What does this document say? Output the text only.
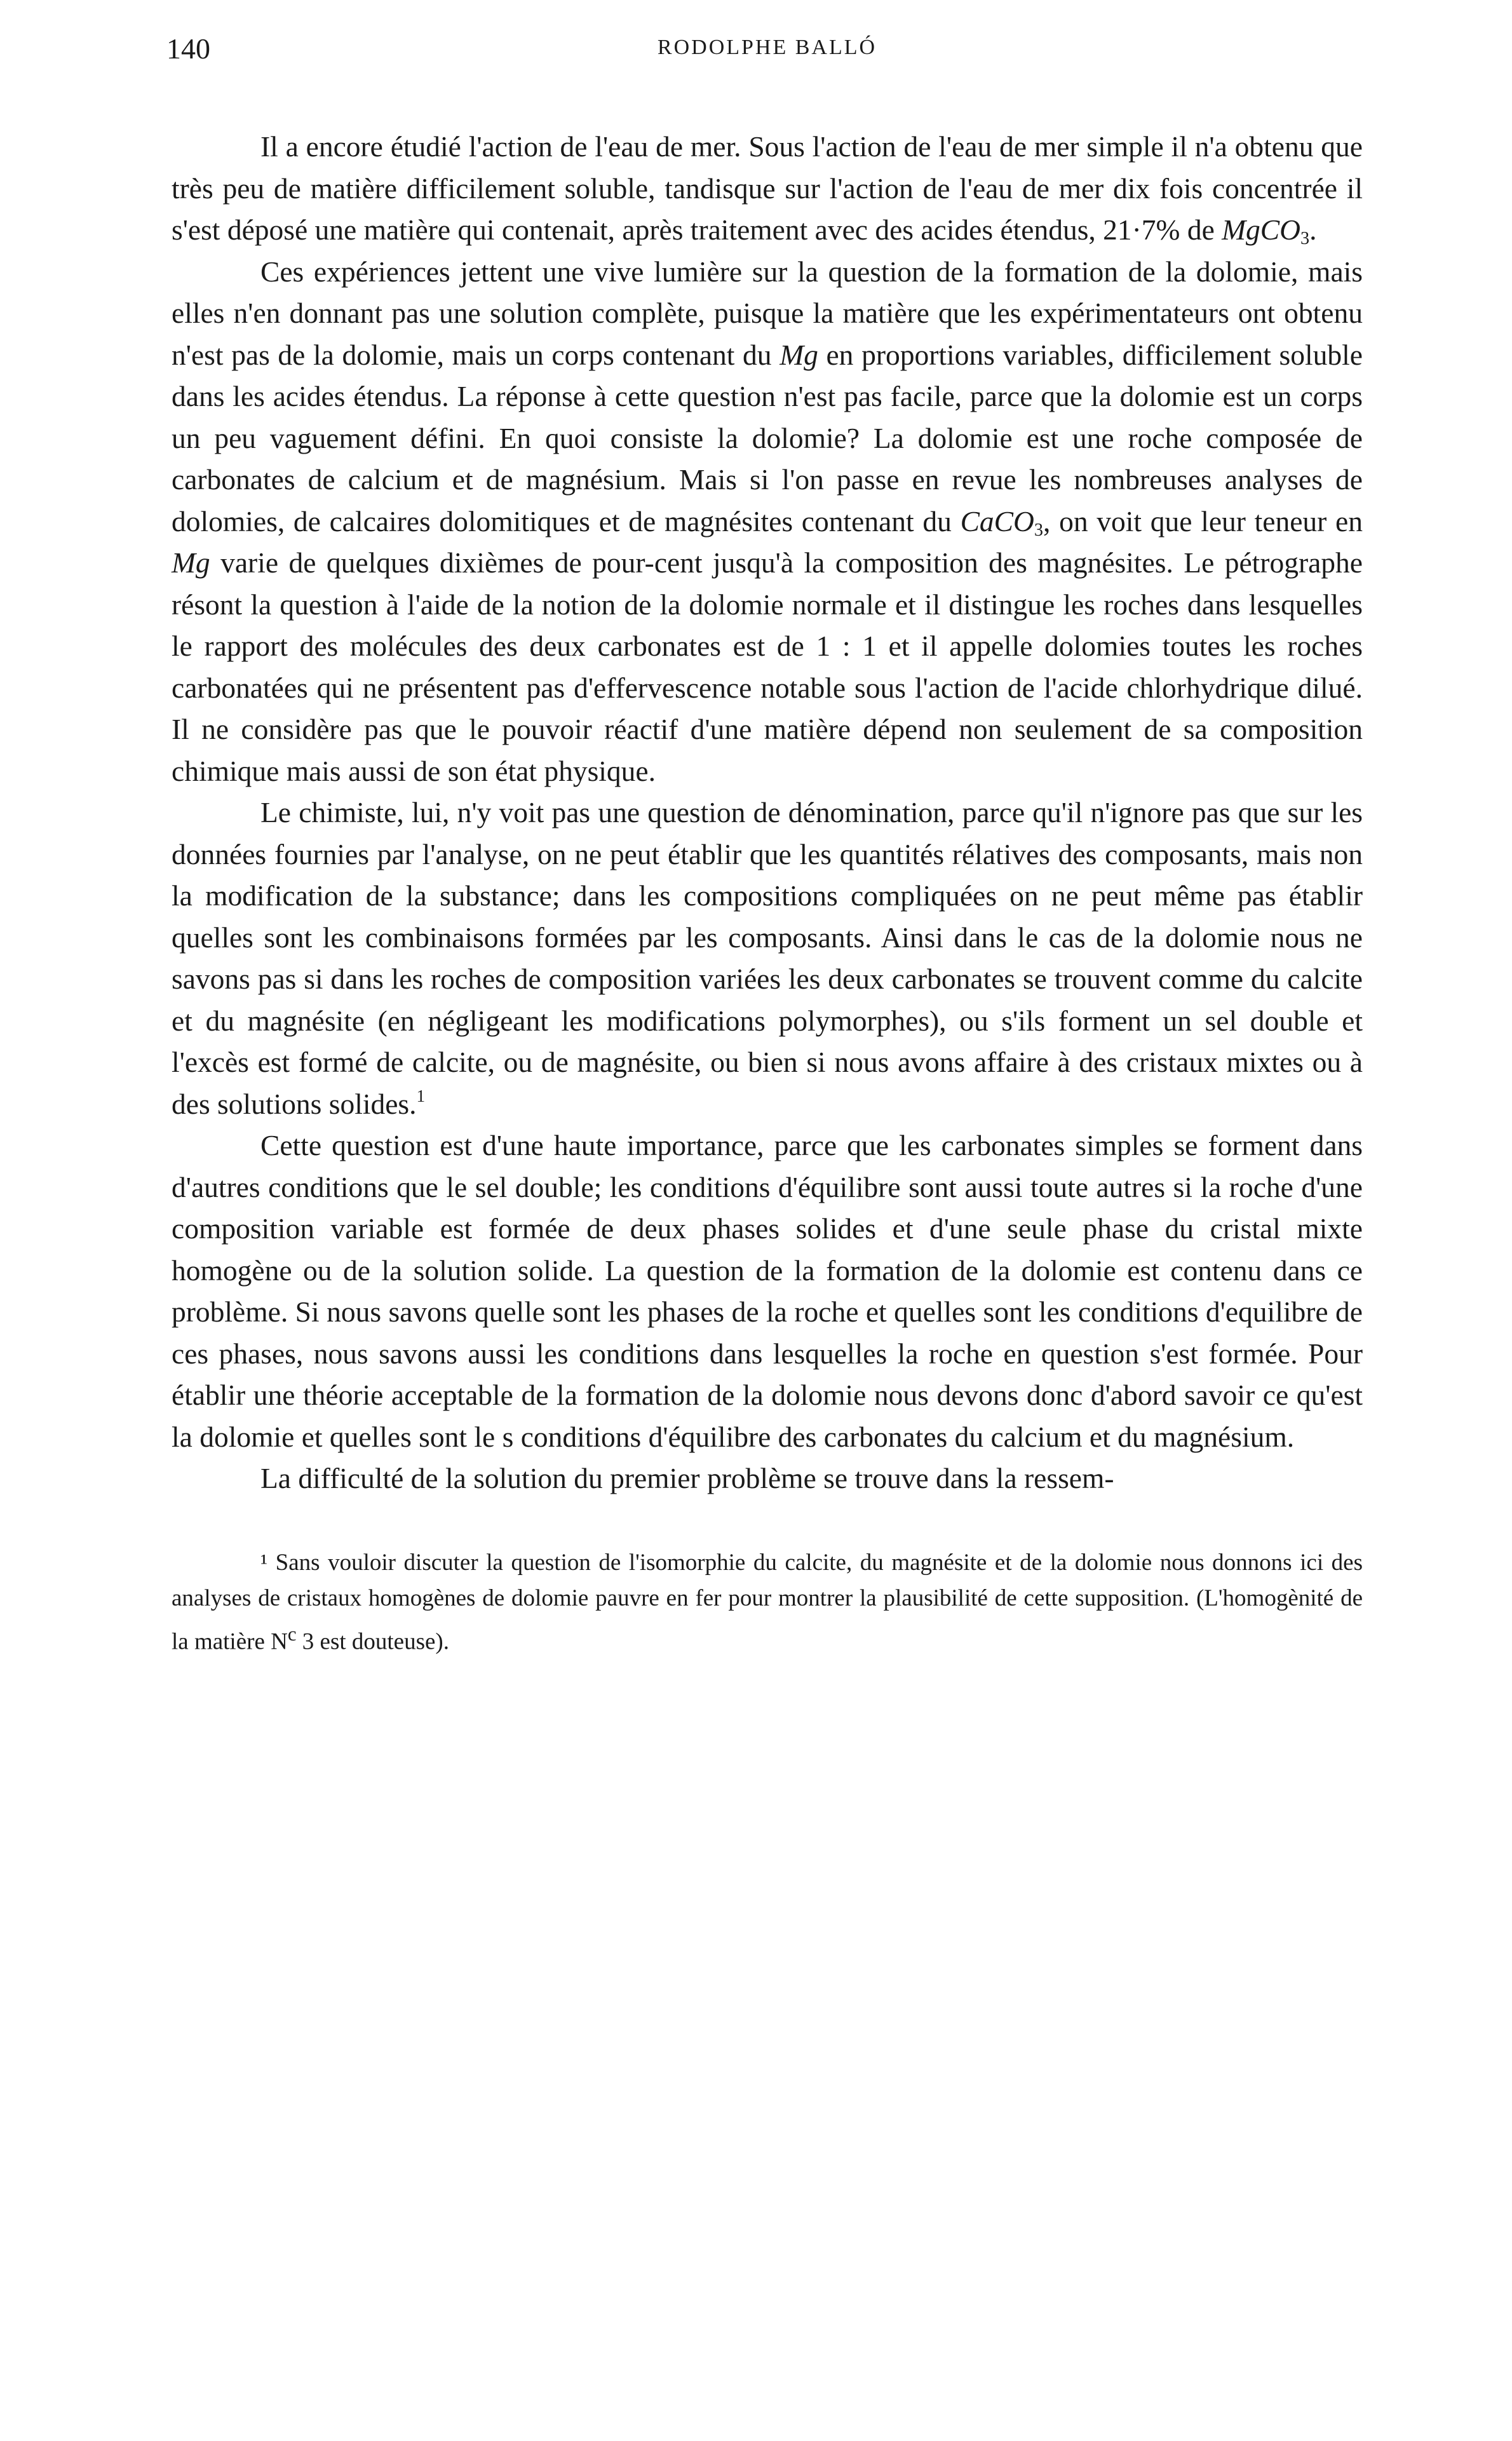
140	RODOLPHE BALLÓ

Il a encore étudié l'action de l'eau de mer. Sous l'action de l'eau de mer simple il n'a obtenu que très peu de matière difficilement soluble, tandisque sur l'action de l'eau de mer dix fois concentrée il s'est déposé une matière qui contenait, après traitement avec des acides étendus, 21·7% de MgCO$_3$.

Ces expériences jettent une vive lumière sur la question de la formation de la dolomie, mais elles n'en donnant pas une solution complète, puisque la matière que les expérimentateurs ont obtenu n'est pas de la dolomie, mais un corps contenant du Mg en proportions variables, difficilement soluble dans les acides étendus. La réponse à cette question n'est pas facile, parce que la dolomie est un corps un peu vaguement défini. En quoi consiste la dolomie? La dolomie est une roche composée de carbonates de calcium et de magnésium. Mais si l'on passe en revue les nombreuses analyses de dolomies, de calcaires dolomitiques et de magnésites contenant du CaCO$_3$, on voit que leur teneur en Mg varie de quelques dixièmes de pour-cent jusqu'à la composition des magnésites. Le pétrographe résont la question à l'aide de la notion de la dolomie normale et il distingue les roches dans lesquelles le rapport des molécules des deux carbonates est de 1 : 1 et il appelle dolomies toutes les roches carbonatées qui ne présentent pas d'effervescence notable sous l'action de l'acide chlorhydrique dilué. Il ne considère pas que le pouvoir réactif d'une matière dépend non seulement de sa composition chimique mais aussi de son état physique.

Le chimiste, lui, n'y voit pas une question de dénomination, parce qu'il n'ignore pas que sur les données fournies par l'analyse, on ne peut établir que les quantités rélatives des composants, mais non la modification de la substance; dans les compositions compliquées on ne peut même pas établir quelles sont les combinaisons formées par les composants. Ainsi dans le cas de la dolomie nous ne savons pas si dans les roches de composition variées les deux carbonates se trouvent comme du calcite et du magnésite (en négligeant les modifications polymorphes), ou s'ils forment un sel double et l'excès est formé de calcite, ou de magnésite, ou bien si nous avons affaire à des cristaux mixtes ou à des solutions solides.$^1$

Cette question est d'une haute importance, parce que les carbonates simples se forment dans d'autres conditions que le sel double; les conditions d'équilibre sont aussi toute autres si la roche d'une composition variable est formée de deux phases solides et d'une seule phase du cristal mixte homogène ou de la solution solide. La question de la formation de la dolomie est contenu dans ce problème. Si nous savons quelle sont les phases de la roche et quelles sont les conditions d'equilibre de ces phases, nous savons aussi les conditions dans lesquelles la roche en question s'est formée. Pour établir une théorie acceptable de la formation de la dolomie nous devons donc d'abord savoir ce qu'est la dolomie et quelles sont le s conditions d'équilibre des carbonates du calcium et du magnésium.

La difficulté de la solution du premier problème se trouve dans la ressem-

¹ Sans vouloir discuter la question de l'isomorphie du calcite, du magnésite et de la dolomie nous donnons ici des analyses de cristaux homogènes de dolomie pauvre en fer pour montrer la plausibilité de cette supposition. (L'homogènité de la matière $N^c$ 3 est douteuse).
